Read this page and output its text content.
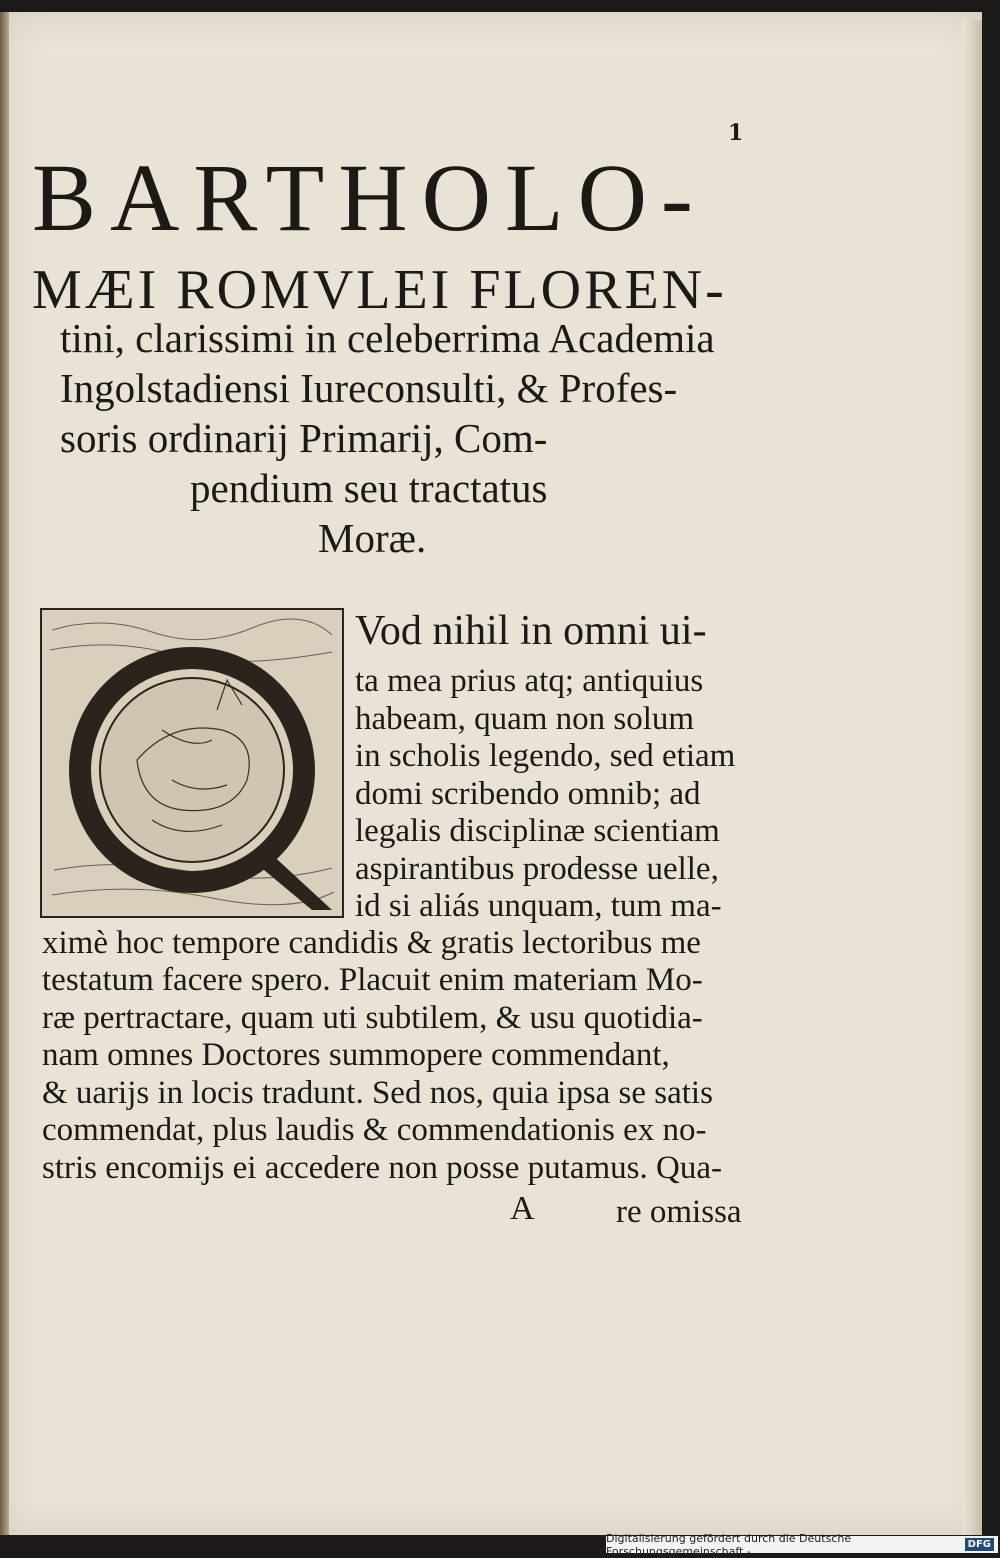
1
BARTHOLO-
MÆI ROMVLEI FLOREN-
tini, clarissimi in celeberrima Academia
Ingolstadiensi Iureconsulti, & Profes-
soris ordinarij Primarij, Com-
pendium seu tractatus
Moræ.
Vod nihil in omni ui-
ta mea prius atq; antiquius
habeam, quam non solum
in scholis legendo, sed etiam
domi scribendo omnib; ad
legalis disciplinæ scientiam
aspirantibus prodesse uelle,
id si aliás unquam, tum ma-
ximè hoc tempore candidis & gratis lectoribus me
testatum facere spero. Placuit enim materiam Mo-
ræ pertractare, quam uti subtilem, & usu quotidia-
nam omnes Doctores summopere commendant,
& uarijs in locis tradunt. Sed nos, quia ipsa se satis
commendat, plus laudis & commendationis ex no-
stris encomijs ei accedere non posse putamus. Qua-
A re omissa
Digitalisierung gefördert durch die Deutsche Forschungsgemeinschaft -	DFG
